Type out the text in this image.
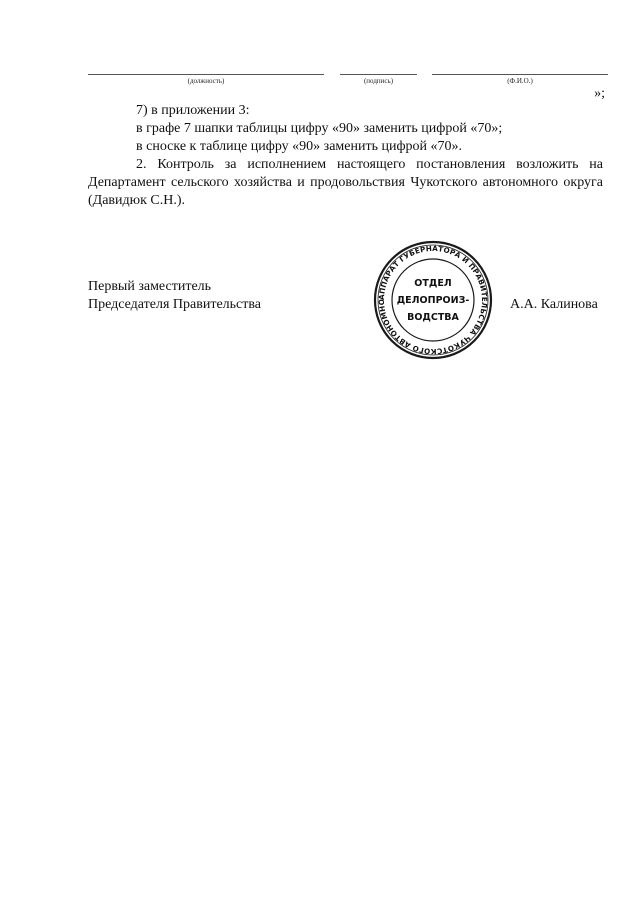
(должность)	(подпись)	(Ф.И.О.)
»;

7) в приложении 3:

в графе 7 шапки таблицы цифру «90» заменить цифрой «70»;

в сноске к таблице цифру «90» заменить цифрой «70».

2. Контроль за исполнением настоящего постановления возложить на Департамент сельского хозяйства и продовольствия Чукотского автономного округа (Давидюк С.Н.).

Первый заместитель
Председателя Правительства	А.А. Калинова
АППАРАТ ГУБЕРНАТОРА И ПРАВИТЕЛЬСТВА ЧУКОТСКОГО АВТОНОМНО
ОТДЕЛ
ДЕЛОПРОИЗ-
ВОДСТВА
